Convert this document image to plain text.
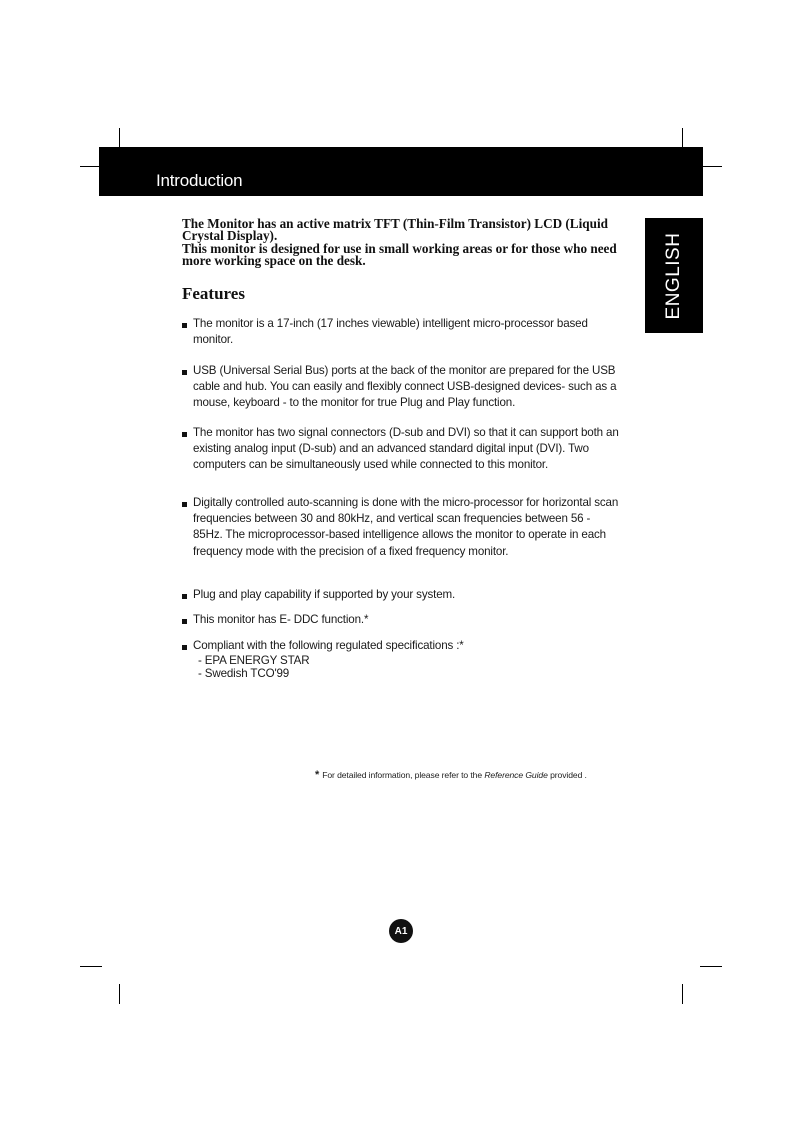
Introduction
ENGLISH

The Monitor has an active matrix TFT (Thin-Film Transistor) LCD (Liquid Crystal Display).

This monitor is designed for use in small working areas or for those who need more working space on the desk.

Features
The monitor is a 17-inch (17 inches viewable) intelligent micro-processor based monitor.
USB (Universal Serial Bus) ports at the back of the monitor are prepared for the USB cable and hub. You can easily and flexibly connect USB-designed devices- such as a mouse, keyboard - to the monitor for true Plug and Play function.
The monitor has two signal connectors (D-sub and DVI) so that it can support both an existing analog input (D-sub) and an advanced standard digital input (DVI). Two computers can be simultaneously used while connected to this monitor.
Digitally controlled auto-scanning is done with the micro-processor for horizontal scan frequencies between 30 and 80kHz, and vertical scan frequencies between 56 - 85Hz. The microprocessor-based intelligence allows the monitor to operate in each frequency mode with the precision of a fixed frequency monitor.
Plug and play capability if supported by your system.
This monitor has E- DDC function.*
Compliant with the following regulated specifications :*
- EPA ENERGY STAR
- Swedish TCO'99
* For detailed information, please refer to the Reference Guide provided .
A1
